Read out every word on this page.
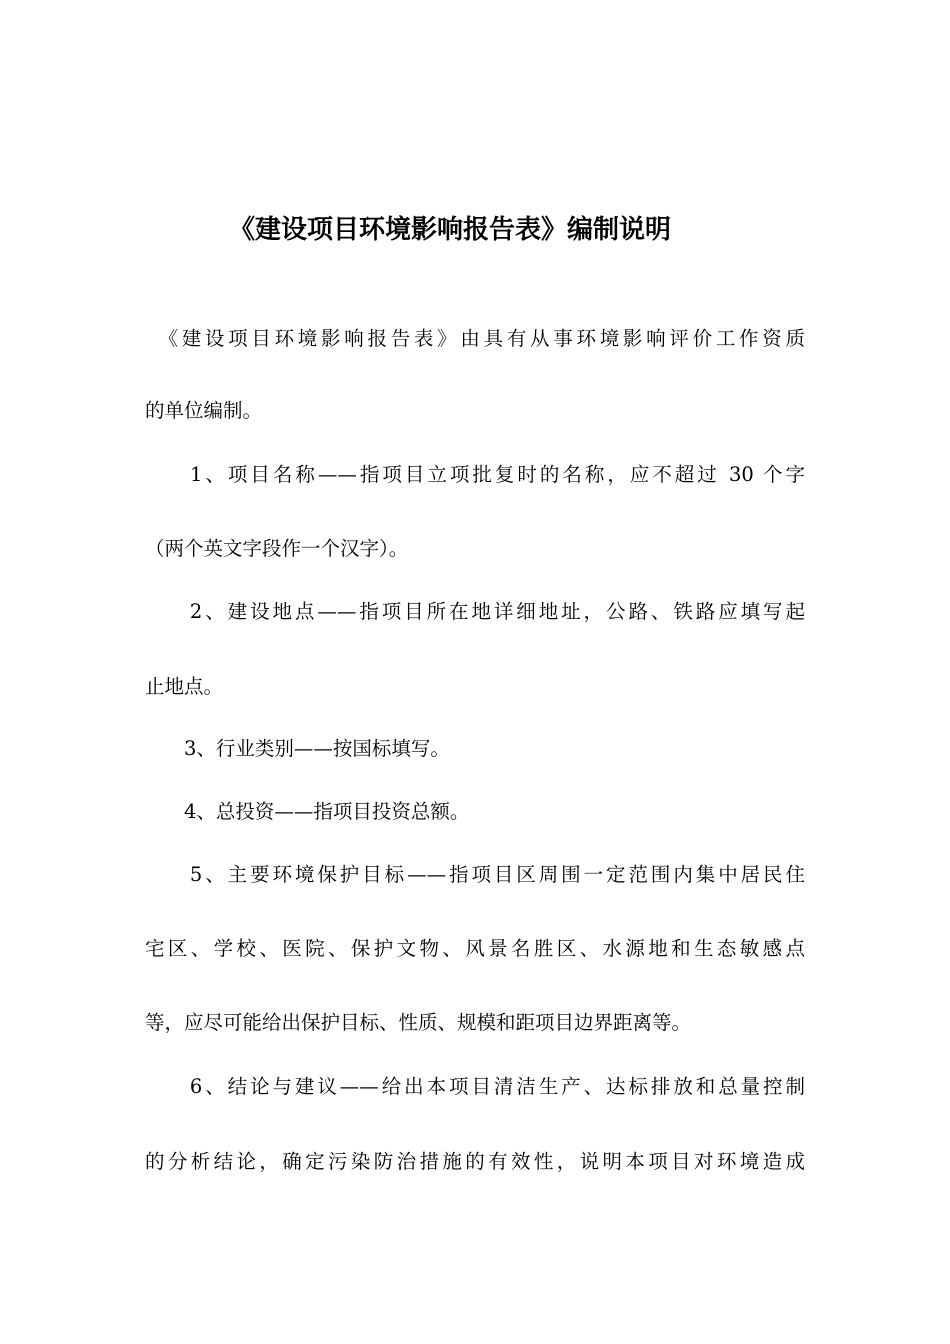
《建设项目环境影响报告表》编制说明
　《建设项目环境影响报告表》由具有从事环境影响评价工作资质
的单位编制。
　　1、项目名称——指项目立项批复时的名称，应不超过 30 个字
（两个英文字段作一个汉字）。
　　2、建设地点——指项目所在地详细地址，公路、铁路应填写起
止地点。
　　3、行业类别——按国标填写。
　　4、总投资——指项目投资总额。
　　5、主要环境保护目标——指项目区周围一定范围内集中居民住
宅区、学校、医院、保护文物、风景名胜区、水源地和生态敏感点
等，应尽可能给出保护目标、性质、规模和距项目边界距离等。
　　6、结论与建议——给出本项目清洁生产、达标排放和总量控制
的分析结论，确定污染防治措施的有效性，说明本项目对环境造成
